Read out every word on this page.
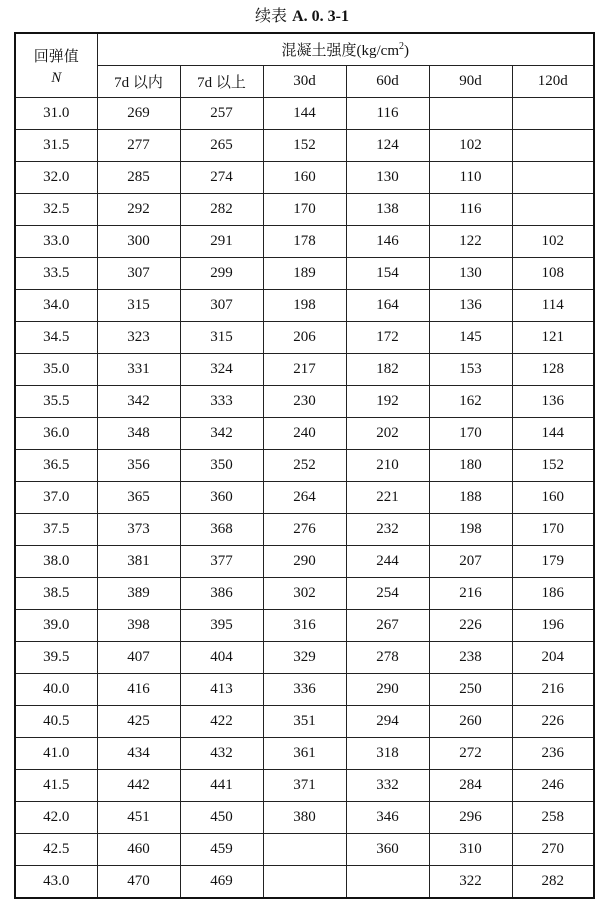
续表 A. 0. 3-1
回弹值
N	混凝土强度$(kg/cm^2)$					
	7d 以内	7d 以上	30d	60d	90d	120d
31.0	269	257	144	116		
31.5	277	265	152	124	102	
32.0	285	274	160	130	110	
32.5	292	282	170	138	116	
33.0	300	291	178	146	122	102
33.5	307	299	189	154	130	108
34.0	315	307	198	164	136	114
34.5	323	315	206	172	145	121
35.0	331	324	217	182	153	128
35.5	342	333	230	192	162	136
36.0	348	342	240	202	170	144
36.5	356	350	252	210	180	152
37.0	365	360	264	221	188	160
37.5	373	368	276	232	198	170
38.0	381	377	290	244	207	179
38.5	389	386	302	254	216	186
39.0	398	395	316	267	226	196
39.5	407	404	329	278	238	204
40.0	416	413	336	290	250	216
40.5	425	422	351	294	260	226
41.0	434	432	361	318	272	236
41.5	442	441	371	332	284	246
42.0	451	450	380	346	296	258
42.5	460	459		360	310	270
43.0	470	469			322	282
